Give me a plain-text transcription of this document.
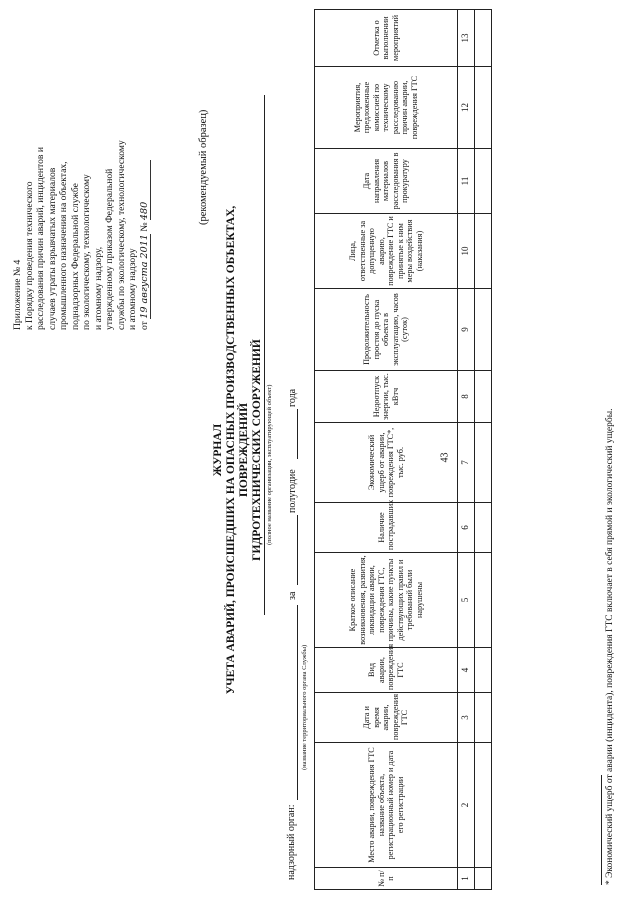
Приложение № 4 к Порядку проведения технического расследования причин аварий, инцидентов и случаев утраты взрывчатых материалов промышленного назначения на объектах, поднадзорных Федеральной службе по экологическому, технологическому и атомному надзору, утвержденному приказом Федеральной службы по экологическому, технологическому и атомному надзору от 19 августа 2011 № 480	(рекомендуемый образец)
ЖУРНАЛ УЧЕТА АВАРИЙ, ПРОИСШЕДШИХ НА ОПАСНЫХ ПРОИЗВОДСТВЕННЫХ ОБЪЕКТАХ, ПОВРЕЖДЕНИЙ ГИДРОТЕХНИЧЕСКИХ СООРУЖЕНИЙ (полное название организации, эксплуатирующей объект)
надзорный орган:
(название территориального органа Службы)
за
полугодие
года
№ п/п	Место аварии, повреждения ГТС название объекта, регистрационный номер и дата его регистрации	Дата и время аварии, повреждения ГТС	Вид аварии, повреждения ГТС	Краткое описание возникновения, развития, ликвидации аварии, повреждения ГТС, причины, какие пункты действующих правил и требований были нарушены	Наличие пострадавших	Экономический ущерб от аварии, повреждения ГТС*, тыс. руб.	Недоотпуск энергии, тыс. кВтч	Продолжительность простоя до пуска объекта в эксплуатацию, часов (суток)	Лица, ответственные за допущенную аварию, повреждение ГТС и принятые к ним меры воздействия (наказания)	Дата направления материалов расследования в прокуратуру	Мероприятия, предложенные комиссией по техническому расследованию причин аварии, повреждения ГТС	Отметка о выполнении мероприятий
1	2	3	4	5	6	7	8	9	10	11	12	13

* Экономический ущерб от аварии (инцидента), повреждения ГТС включает в себя прямой и экологический ущербы.
43
